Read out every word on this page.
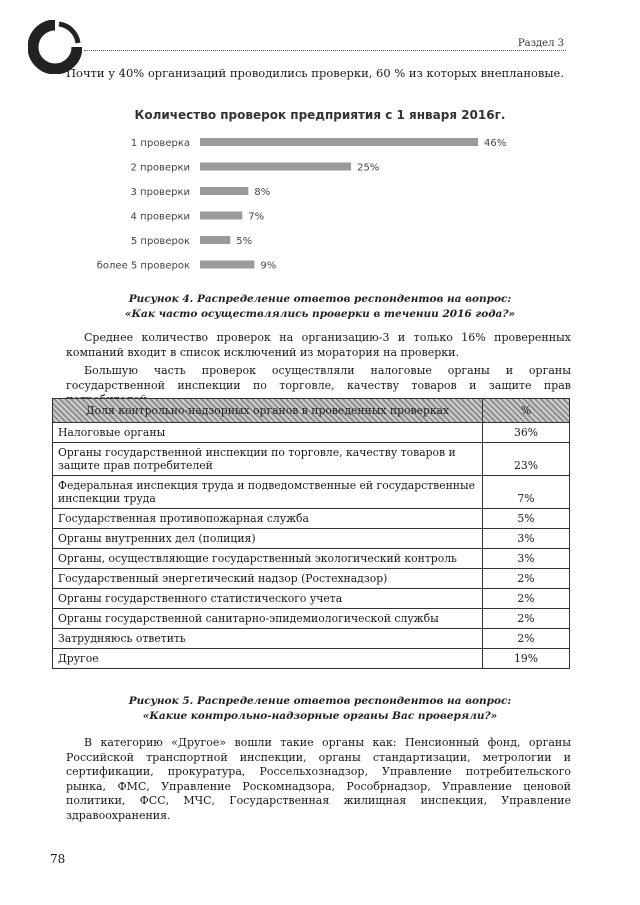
Раздел 3
Почти у 40% организаций проводились проверки, 60 % из которых внеплановые.
Количество проверок предприятия с 1 января 2016г.
1 проверка	46%
2 проверки	25%
3 проверки	8%
4 проверки	7%
5 проверок	5%
более 5 проверок	9%
Рисунок 4. Распределение ответов респондентов на вопрос:
«Как часто осуществлялись проверки в течении 2016 года?»
Среднее количество проверок на организацию-3 и только 16% проверенных компаний входит в список исключений из моратория на проверки.
Большую часть проверок осуществляли налоговые органы и органы государственной инспекции по торговле, качеству товаров и защите прав
Доля контрольно-надзорных органов в проведенных проверках	%
Налоговые органы	36%
Органы государственной инспекции по торговле, качеству товаров и защите прав потребителей	23%
Федеральная инспекция труда и подведомственные ей государственные инспекции труда	7%
Государственная противопожарная служба	5%
Органы внутренних дел (полиция)	3%
Органы, осуществляющие государственный экологический контроль	3%
Государственный энергетический надзор (Ростехнадзор)	2%
Органы государственного статистического учета	2%
Органы государственной санитарно-эпидемиологической службы	2%
Затрудняюсь ответить	2%
Другое	19%
Рисунок 5. Распределение ответов респондентов на вопрос:
«Какие контрольно-надзорные органы Вас проверяли?»
В категорию «Другое» вошли такие органы как: Пенсионный фонд, органы Российской транспортной инспекции, органы стандартизации, метрологии и сертификации, прокуратура, Россельхознадзор, Управление потребительского рынка, ФМС, Управление Роскомнадзора, Рособрнадзор, Управление ценовой политики, ФСС, МЧС, Государственная жилищная инспекция, Управление здравоохранения.
78
